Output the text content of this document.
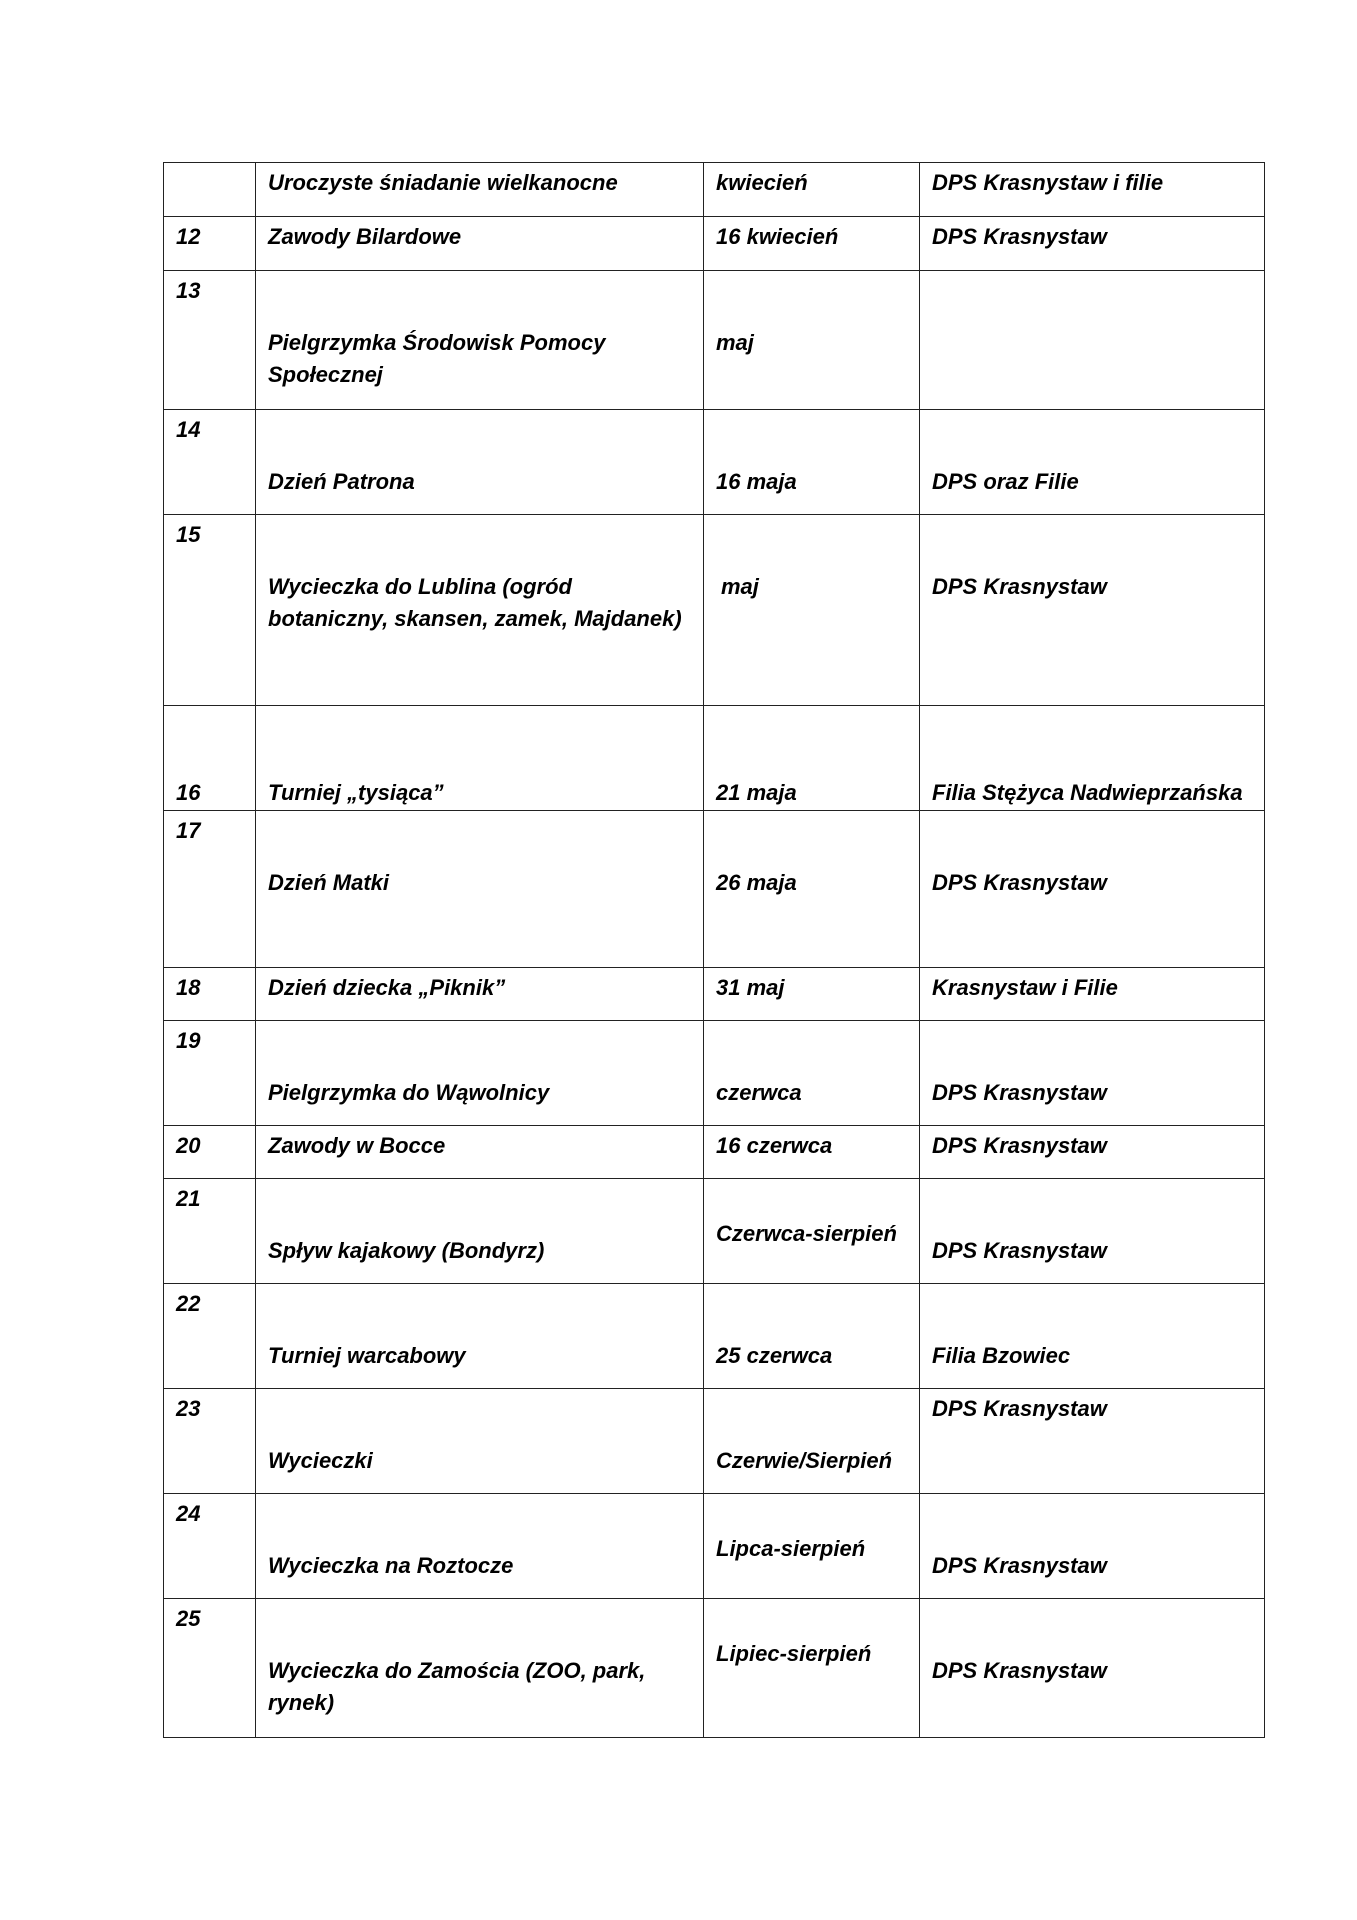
	Uroczyste śniadanie wielkanocne	kwiecień	DPS Krasnystaw i filie

12	Zawody Bilardowe	16 kwiecień	DPS Krasnystaw

13	Pielgrzymka Środowisk Pomocy Społecznej	maj	

14	Dzień Patrona	16 maja	DPS oraz Filie

15	Wycieczka do Lublina (ogród botaniczny, skansen, zamek, Majdanek)	maj	DPS Krasnystaw

16	Turniej „tysiąca”	21 maja	Filia Stężyca Nadwieprzańska

17	Dzień Matki	26 maja	DPS Krasnystaw

18	Dzień dziecka „Piknik”	31 maj	Krasnystaw i Filie

19	Pielgrzymka do Wąwolnicy	czerwca	DPS Krasnystaw

20	Zawody w Bocce	16 czerwca	DPS Krasnystaw

21	Spływ kajakowy (Bondyrz)	Czerwca-sierpień	DPS Krasnystaw

22	Turniej warcabowy	25 czerwca	Filia Bzowiec

23	Wycieczki	Czerwie/Sierpień	DPS Krasnystaw

24	Wycieczka na Roztocze	Lipca-sierpień	DPS Krasnystaw

25	Wycieczka do Zamościa (ZOO, park, rynek)	Lipiec-sierpień	DPS Krasnystaw
